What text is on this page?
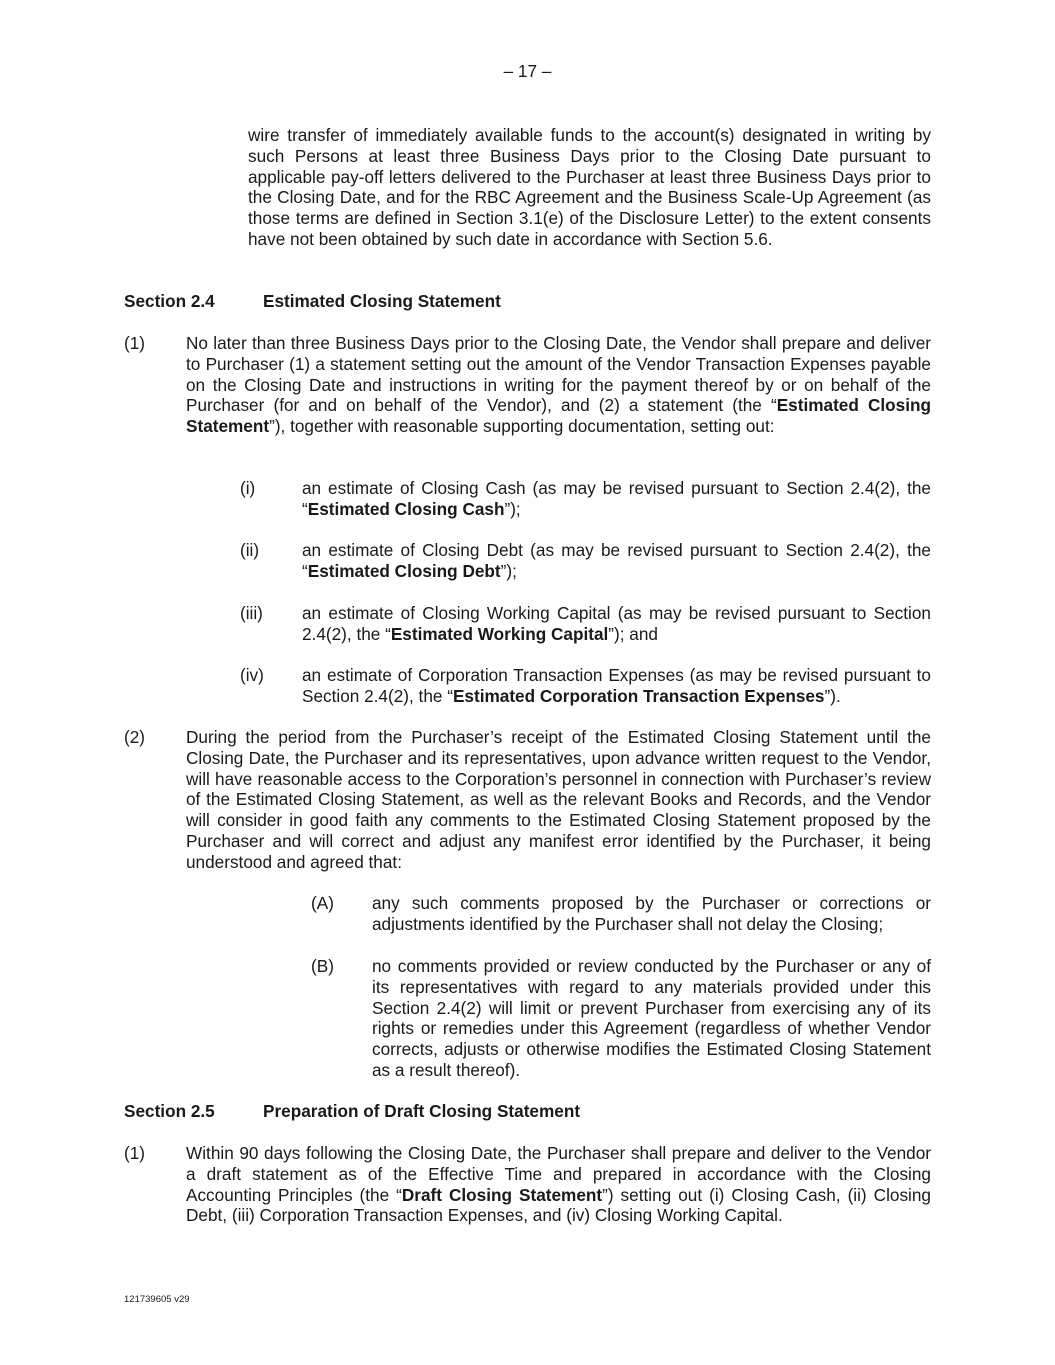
– 17 –

wire transfer of immediately available funds to the account(s) designated in writing by such Persons at least three Business Days prior to the Closing Date pursuant to applicable pay-off letters delivered to the Purchaser at least three Business Days prior to the Closing Date, and for the RBC Agreement and the Business Scale-Up Agreement (as those terms are defined in Section 3.1(e) of the Disclosure Letter) to the extent consents have not been obtained by such date in accordance with Section 5.6.

Section 2.4	Estimated Closing Statement
(1) No later than three Business Days prior to the Closing Date, the Vendor shall prepare and deliver to Purchaser (1) a statement setting out the amount of the Vendor Transaction Expenses payable on the Closing Date and instructions in writing for the payment thereof by or on behalf of the Purchaser (for and on behalf of the Vendor), and (2) a statement (the “Estimated Closing Statement”), together with reasonable supporting documentation, setting out:

(i)	an estimate of Closing Cash (as may be revised pursuant to Section 2.4(2), the “Estimated Closing Cash”);

(ii) an estimate of Closing Debt (as may be revised pursuant to Section 2.4(2), the “Estimated Closing Debt”);

(iii) an estimate of Closing Working Capital (as may be revised pursuant to Section 2.4(2), the “Estimated Working Capital”); and

(iv) an estimate of Corporation Transaction Expenses (as may be revised pursuant to Section 2.4(2), the “Estimated Corporation Transaction Expenses”).

(2) During the period from the Purchaser’s receipt of the Estimated Closing Statement until the Closing Date, the Purchaser and its representatives, upon advance written request to the Vendor, will have reasonable access to the Corporation’s personnel in connection with Purchaser’s review of the Estimated Closing Statement, as well as the relevant Books and Records, and the Vendor will consider in good faith any comments to the Estimated Closing Statement proposed by the Purchaser and will correct and adjust any manifest error identified by the Purchaser, it being understood and agreed that:

(A) any such comments proposed by the Purchaser or corrections or adjustments identified by the Purchaser shall not delay the Closing;

(B) no comments provided or review conducted by the Purchaser or any of its representatives with regard to any materials provided under this Section 2.4(2) will limit or prevent Purchaser from exercising any of its rights or remedies under this Agreement (regardless of whether Vendor corrects, adjusts or otherwise modifies the Estimated Closing Statement as a result thereof).

Section 2.5	Preparation of Draft Closing Statement
(1) Within 90 days following the Closing Date, the Purchaser shall prepare and deliver to the Vendor a draft statement as of the Effective Time and prepared in accordance with the Closing Accounting Principles (the “Draft Closing Statement”) setting out (i) Closing Cash, (ii) Closing Debt, (iii) Corporation Transaction Expenses, and (iv) Closing Working Capital.

121739605 v29
